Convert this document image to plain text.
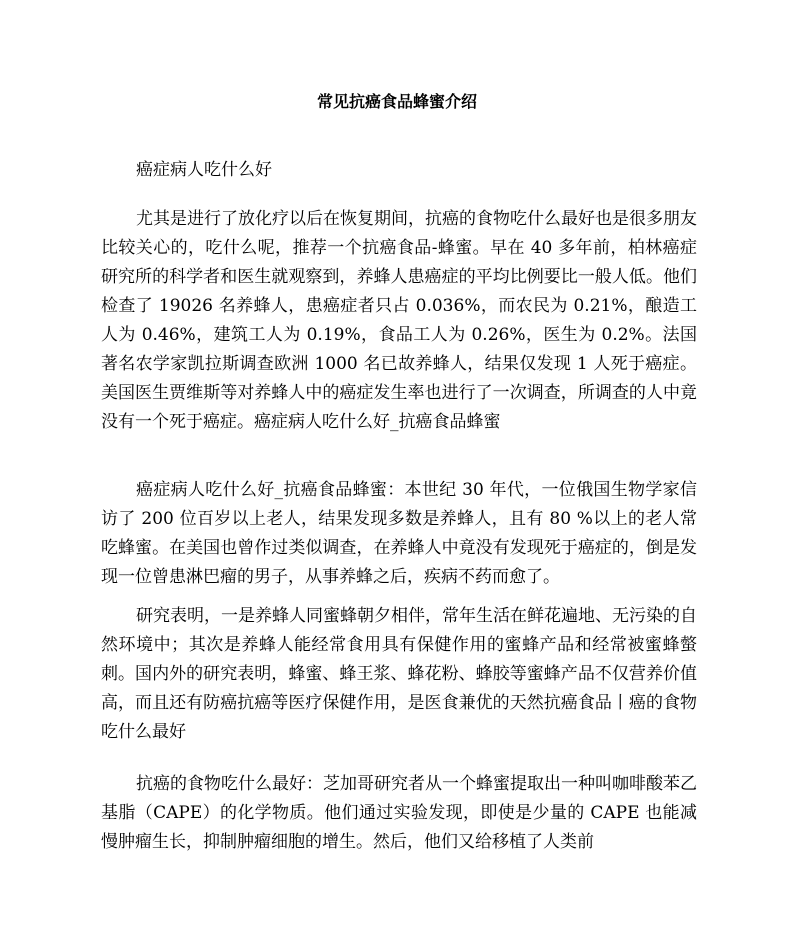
常见抗癌食品蜂蜜介绍
癌症病人吃什么好

尤其是进行了放化疗以后在恢复期间，抗癌的食物吃什么最好也是很多朋友比较关心的，吃什么呢，推荐一个抗癌食品-蜂蜜。早在 40 多年前，柏林癌症研究所的科学者和医生就观察到，养蜂人患癌症的平均比例要比一般人低。他们检查了 19026 名养蜂人，患癌症者只占 0.036%，而农民为 0.21%，酿造工人为 0.46%，建筑工人为 0.19%，食品工人为 0.26%，医生为 0.2%。法国著名农学家凯拉斯调查欧洲 1000 名已故养蜂人，结果仅发现 1 人死于癌症。美国医生贾维斯等对养蜂人中的癌症发生率也进行了一次调查，所调查的人中竟没有一个死于癌症。癌症病人吃什么好_抗癌食品蜂蜜

癌症病人吃什么好_抗癌食品蜂蜜：本世纪 30 年代，一位俄国生物学家信访了 200 位百岁以上老人，结果发现多数是养蜂人，且有 80 %以上的老人常吃蜂蜜。在美国也曾作过类似调查，在养蜂人中竟没有发现死于癌症的，倒是发现一位曾患淋巴瘤的男子，从事养蜂之后，疾病不药而愈了。

研究表明，一是养蜂人同蜜蜂朝夕相伴，常年生活在鲜花遍地、无污染的自然环境中；其次是养蜂人能经常食用具有保健作用的蜜蜂产品和经常被蜜蜂螫刺。国内外的研究表明，蜂蜜、蜂王浆、蜂花粉、蜂胶等蜜蜂产品不仅营养价值高，而且还有防癌抗癌等医疗保健作用，是医食兼优的天然抗癌食品丨癌的食物吃什么最好

抗癌的食物吃什么最好：芝加哥研究者从一个蜂蜜提取出一种叫咖啡酸苯乙基脂（CAPE）的化学物质。他们通过实验发现，即使是少量的 CAPE 也能减慢肿瘤生长，抑制肿瘤细胞的增生。然后，他们又给移植了人类前
